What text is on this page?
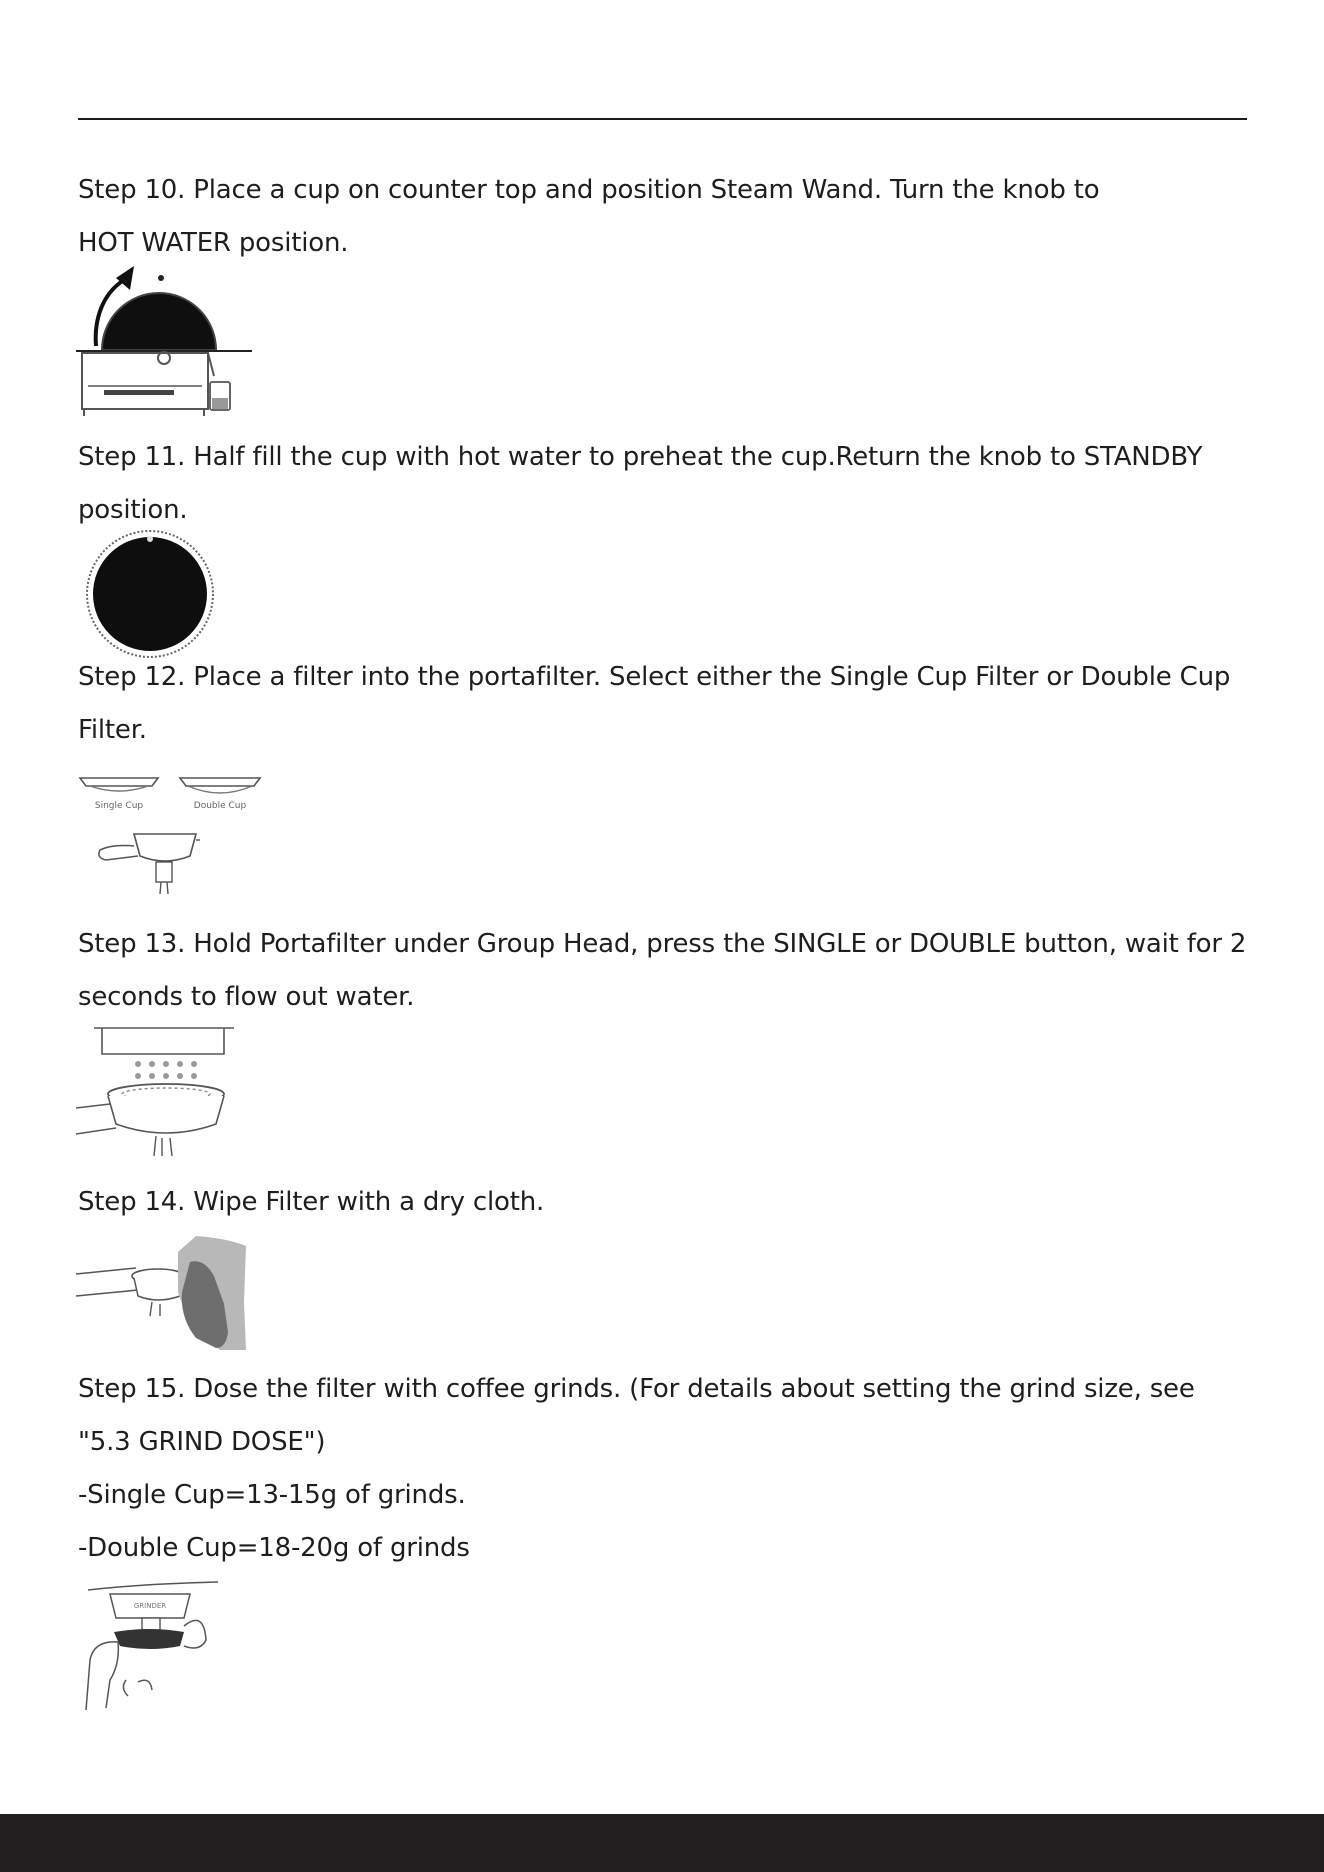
Step 10. Place a cup on counter top and position Steam Wand. Turn the knob to
HOT WATER position.
Step 11. Half fill the cup with hot water to preheat the cup.Return the knob to STANDBY
position.
Step 12. Place a filter into the portafilter. Select either the Single Cup Filter or Double Cup
Filter.
Single Cup	Double Cup
Step 13. Hold Portafilter under Group Head, press the SINGLE or DOUBLE button, wait for 2
seconds to flow out water.
Step 14. Wipe Filter with a dry cloth.
Step 15. Dose the filter with coffee grinds. (For details about setting the grind size, see
"5.3 GRIND DOSE")
-Single Cup=13-15g of grinds.
-Double Cup=18-20g of grinds
GRINDER
